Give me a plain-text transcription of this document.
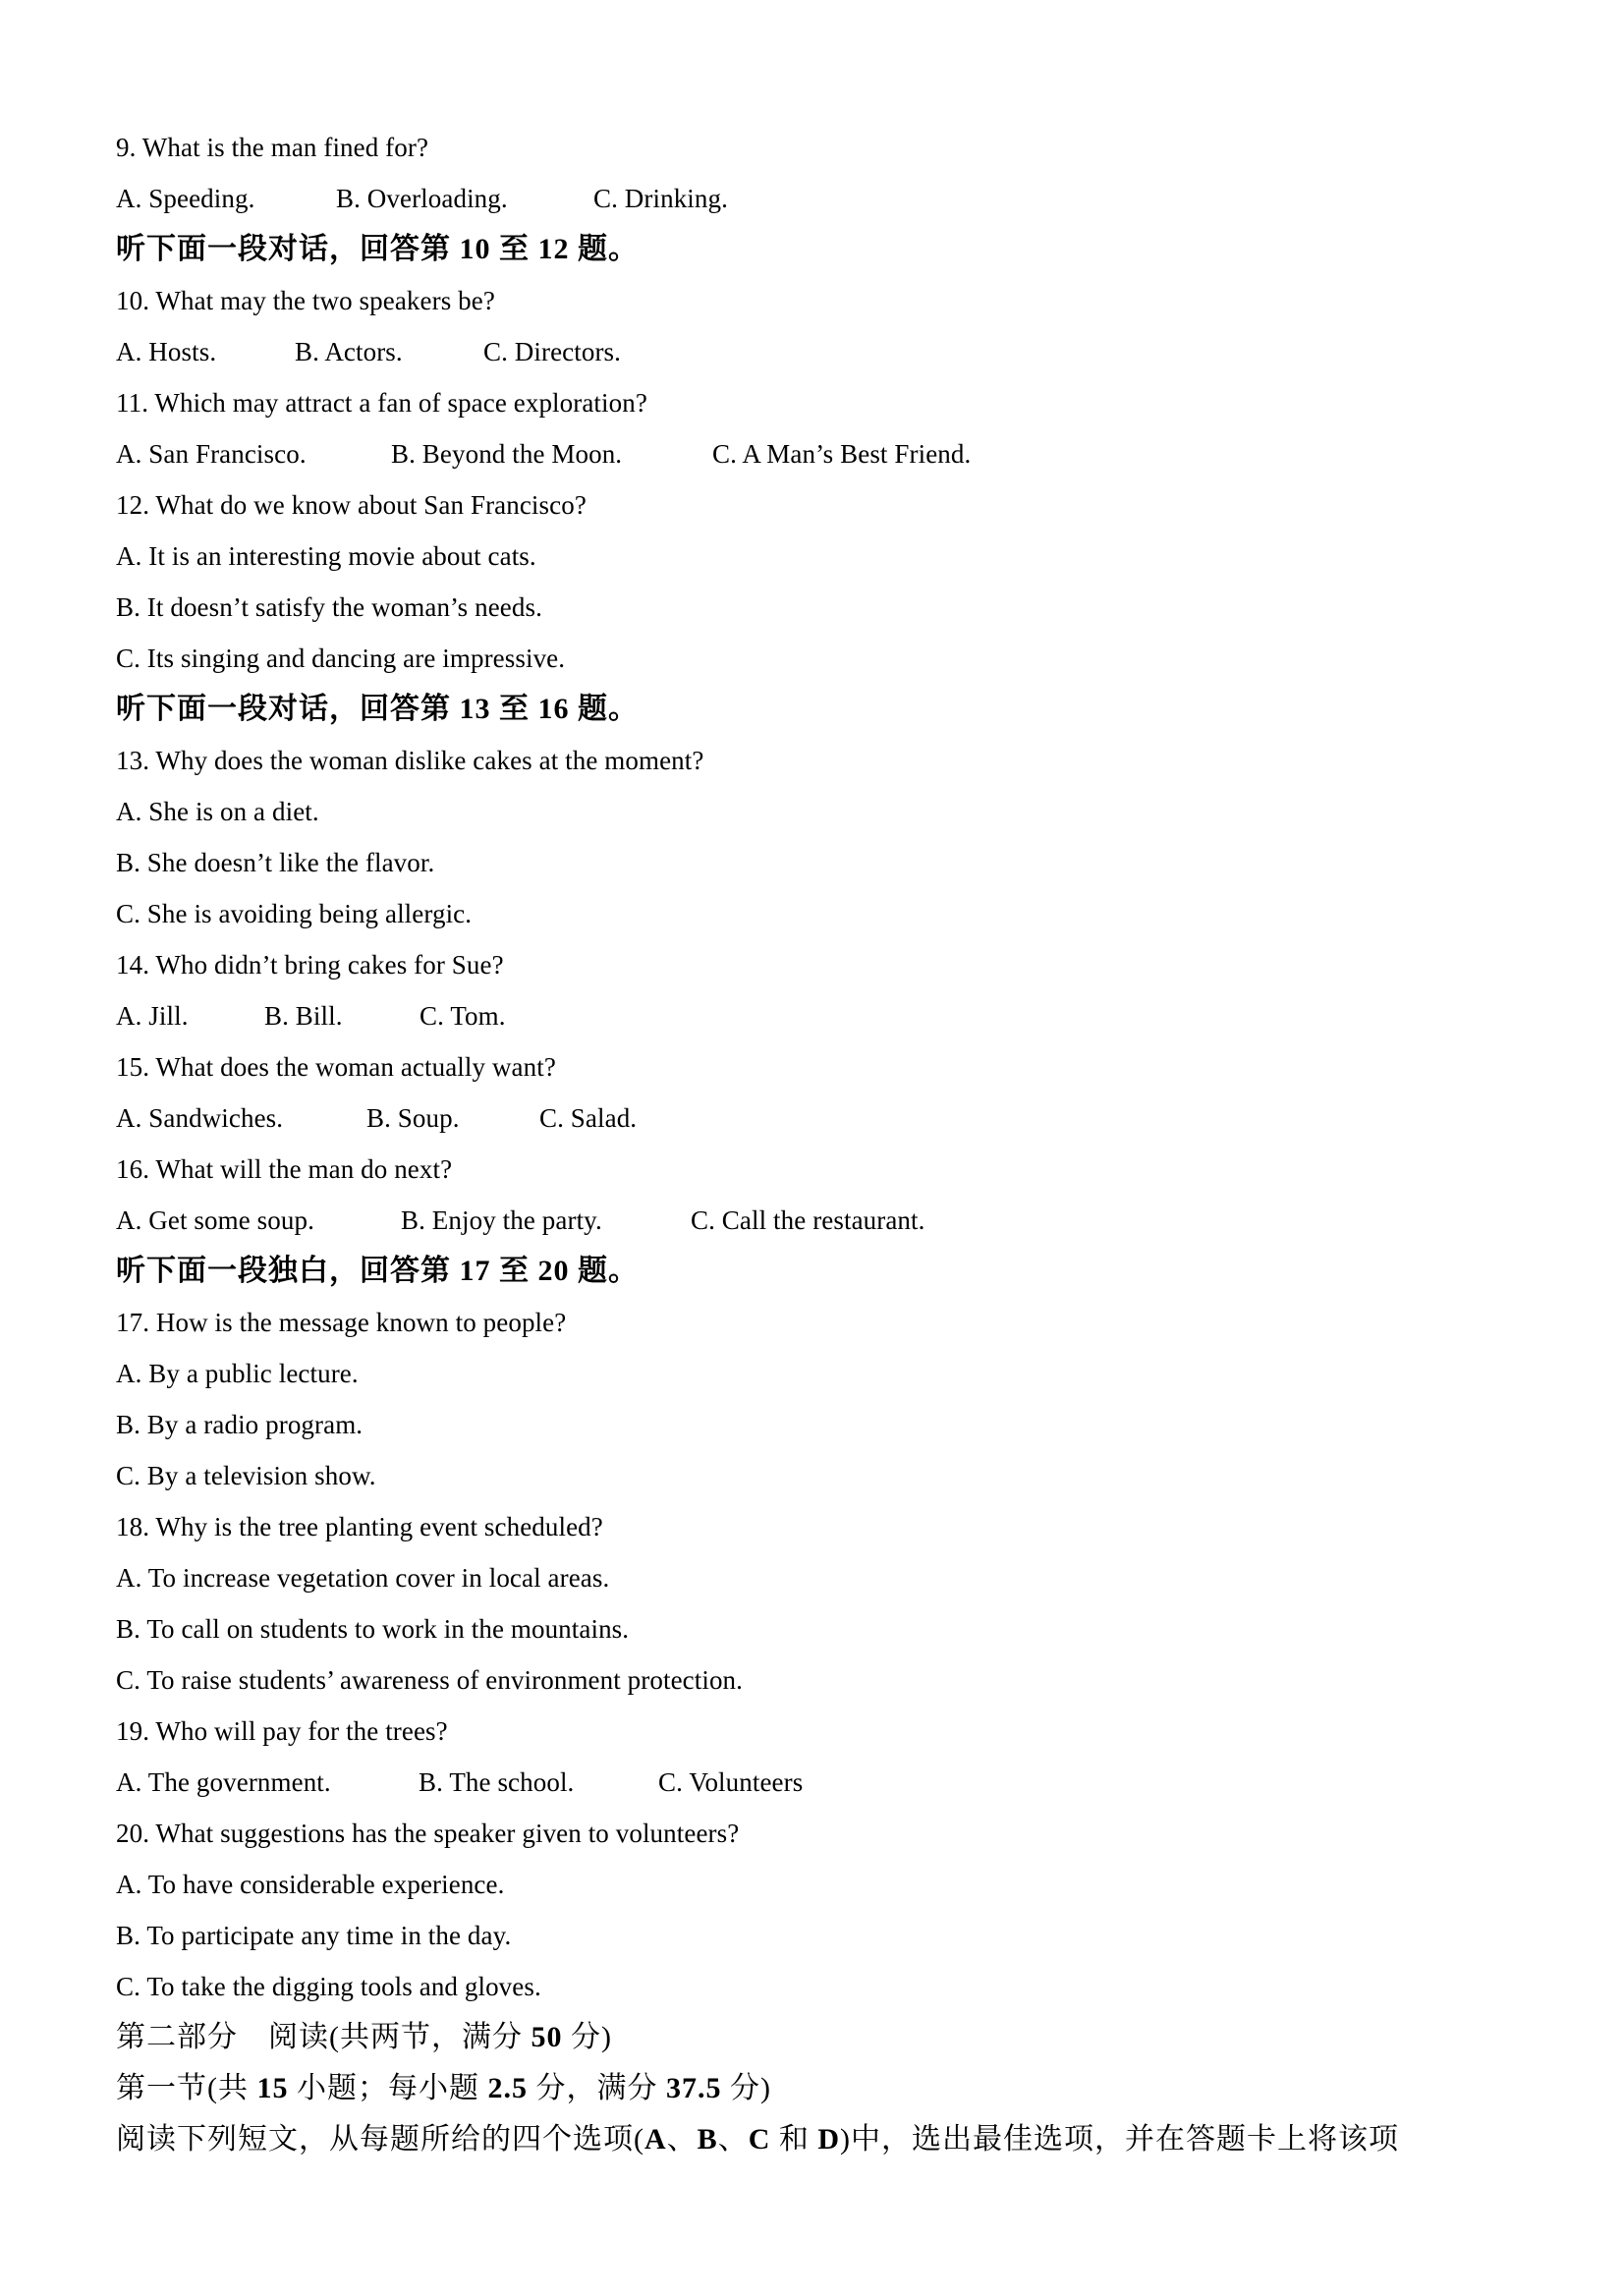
9. What is the man fined for?
A. Speeding.	B. Overloading.	C. Drinking.
听下面一段对话，回答第 10 至 12 题。
10. What may the two speakers be?
A. Hosts.	B. Actors.	C. Directors.
11. Which may attract a fan of space exploration?
A. San Francisco.	B. Beyond the Moon.	C. A Man’s Best Friend.
12. What do we know about San Francisco?
A. It is an interesting movie about cats.
B. It doesn’t satisfy the woman’s needs.
C. Its singing and dancing are impressive.
听下面一段对话，回答第 13 至 16 题。
13. Why does the woman dislike cakes at the moment?
A. She is on a diet.
B. She doesn’t like the flavor.
C. She is avoiding being allergic.
14. Who didn’t bring cakes for Sue?
A. Jill.	B. Bill.	C. Tom.
15. What does the woman actually want?
A. Sandwiches.	B. Soup.	C. Salad.
16. What will the man do next?
A. Get some soup.	B. Enjoy the party.	C. Call the restaurant.
听下面一段独白，回答第 17 至 20 题。
17. How is the message known to people?
A. By a public lecture.
B. By a radio program.
C. By a television show.
18. Why is the tree planting event scheduled?
A. To increase vegetation cover in local areas.
B. To call on students to work in the mountains.
C. To raise students’ awareness of environment protection.
19. Who will pay for the trees?
A. The government.	B. The school.	C. Volunteers
20. What suggestions has the speaker given to volunteers?
A. To have considerable experience.
B. To participate any time in the day.
C. To take the digging tools and gloves.
第二部分　阅读(共两节，满分 50 分)
第一节(共 15 小题；每小题 2.5 分，满分 37.5 分)
阅读下列短文，从每题所给的四个选项(A、B、C 和 D)中，选出最佳选项，并在答题卡上将该项
